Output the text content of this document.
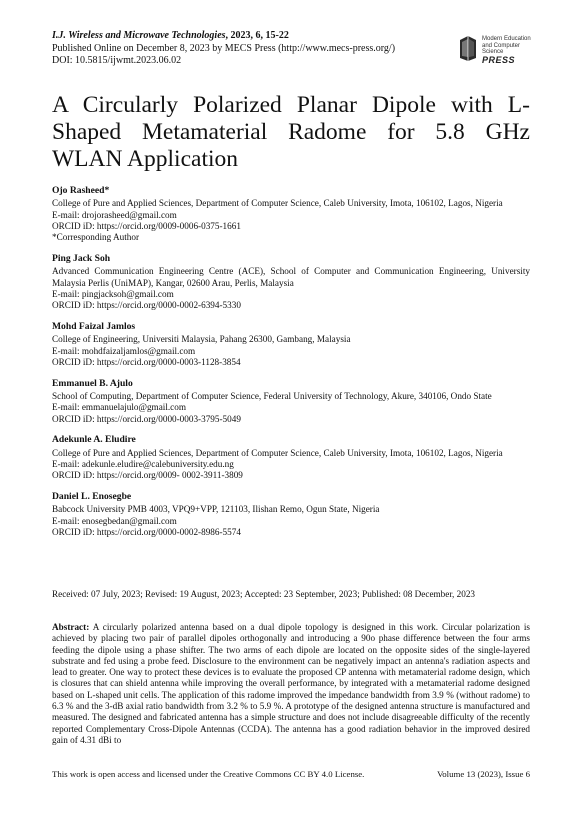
I.J. Wireless and Microwave Technologies, 2023, 6, 15-22
Published Online on December 8, 2023 by MECS Press (http://www.mecs-press.org/)
DOI: 10.5815/ijwmt.2023.06.02
Modern Education
and Computer Science
PRESS
A Circularly Polarized Planar Dipole with L-Shaped Metamaterial Radome for 5.8 GHz WLAN Application
Ojo Rasheed*
College of Pure and Applied Sciences, Department of Computer Science, Caleb University, Imota, 106102, Lagos, Nigeria
E-mail: drojorasheed@gmail.com
ORCID iD: https://orcid.org/0009-0006-0375-1661
*Corresponding Author
Ping Jack Soh
Advanced Communication Engineering Centre (ACE), School of Computer and Communication Engineering, University Malaysia Perlis (UniMAP), Kangar, 02600 Arau, Perlis, Malaysia
E-mail: pingjacksoh@gmail.com
ORCID iD: https://orcid.org/0000-0002-6394-5330
Mohd Faizal Jamlos
College of Engineering, Universiti Malaysia, Pahang 26300, Gambang, Malaysia
E-mail: mohdfaizaljamlos@gmail.com
ORCID iD: https://orcid.org/0000-0003-1128-3854
Emmanuel B. Ajulo
School of Computing, Department of Computer Science, Federal University of Technology, Akure, 340106, Ondo State
E-mail: emmanuelajulo@gmail.com
ORCID iD: https://orcid.org/0000-0003-3795-5049
Adekunle A. Eludire
College of Pure and Applied Sciences, Department of Computer Science, Caleb University, Imota, 106102, Lagos, Nigeria
E-mail: adekunle.eludire@calebuniversity.edu.ng
ORCID iD: https://orcid.org/0009- 0002-3911-3809
Daniel L. Enosegbe
Babcock University PMB 4003, VPQ9+VPP, 121103, Ilishan Remo, Ogun State, Nigeria
E-mail: enosegbedan@gmail.com
ORCID iD: https://orcid.org/0000-0002-8986-5574
Received: 07 July, 2023; Revised: 19 August, 2023; Accepted: 23 September, 2023; Published: 08 December, 2023
Abstract: A circularly polarized antenna based on a dual dipole topology is designed in this work. Circular polarization is achieved by placing two pair of parallel dipoles orthogonally and introducing a 90o phase difference between the four arms feeding the dipole using a phase shifter. The two arms of each dipole are located on the opposite sides of the single-layered substrate and fed using a probe feed. Disclosure to the environment can be negatively impact an antenna's radiation aspects and lead to greater. One way to protect these devices is to evaluate the proposed CP antenna with metamaterial radome design, which is closures that can shield antenna while improving the overall performance, by integrated with a metamaterial radome designed based on L-shaped unit cells. The application of this radome improved the impedance bandwidth from 3.9 % (without radome) to 6.3 % and the 3-dB axial ratio bandwidth from 3.2 % to 5.9 %. A prototype of the designed antenna structure is manufactured and measured. The designed and fabricated antenna has a simple structure and does not include disagreeable difficulty of the recently reported Complementary Cross-Dipole Antennas (CCDA). The antenna has a good radiation behavior in the improved desired gain of 4.31 dBi to
This work is open access and licensed under the Creative Commons CC BY 4.0 License.	Volume 13 (2023), Issue 6
